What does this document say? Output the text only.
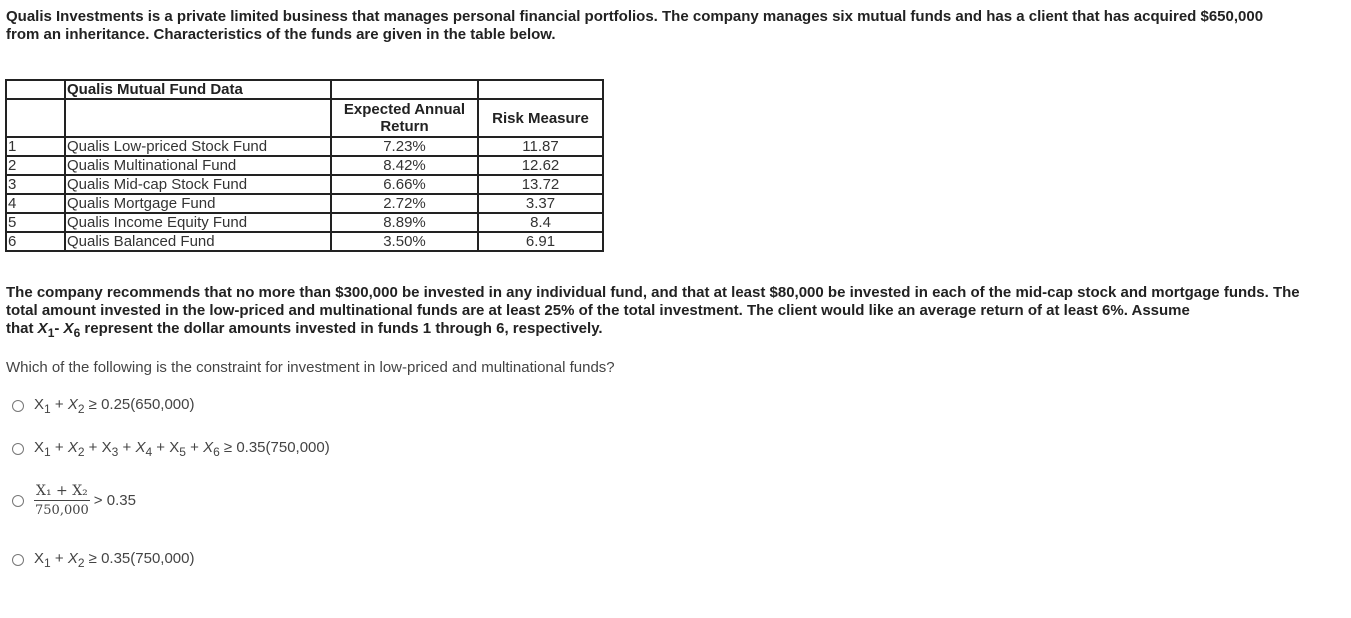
Qualis Investments is a private limited business that manages personal financial portfolios. The company manages six mutual funds and has a client that has acquired $650,000
from an inheritance. Characteristics of the funds are given in the table below.
	Qualis Mutual Fund Data		
		Expected Annual Return	Risk Measure
1	Qualis Low-priced Stock Fund	7.23%	11.87
2	Qualis Multinational Fund	8.42%	12.62
3	Qualis Mid-cap Stock Fund	6.66%	13.72
4	Qualis Mortgage Fund	2.72%	3.37
5	Qualis Income Equity Fund	8.89%	8.4
6	Qualis Balanced Fund	3.50%	6.91
The company recommends that no more than $300,000 be invested in any individual fund, and that at least $80,000 be invested in each of the mid-cap stock and mortgage funds. The
total amount invested in the low-priced and multinational funds are at least 25% of the total investment. The client would like an average return of at least 6%. Assume
that $X_1-$ $X_6$ represent the dollar amounts invested in funds 1 through 6, respectively.
Which of the following is the constraint for investment in low-priced and multinational funds?
$X_1 + X_2 \ge 0.25(650,000)$
$X_1 + X_2 + X_3 + X_4 + X_5 + X_6 \ge 0.35(750,000)$
$\frac{\text{X₁ + X₂}}{750,000} > 0.35$
$X_1 + X_2 \ge 0.35(750,000)$
